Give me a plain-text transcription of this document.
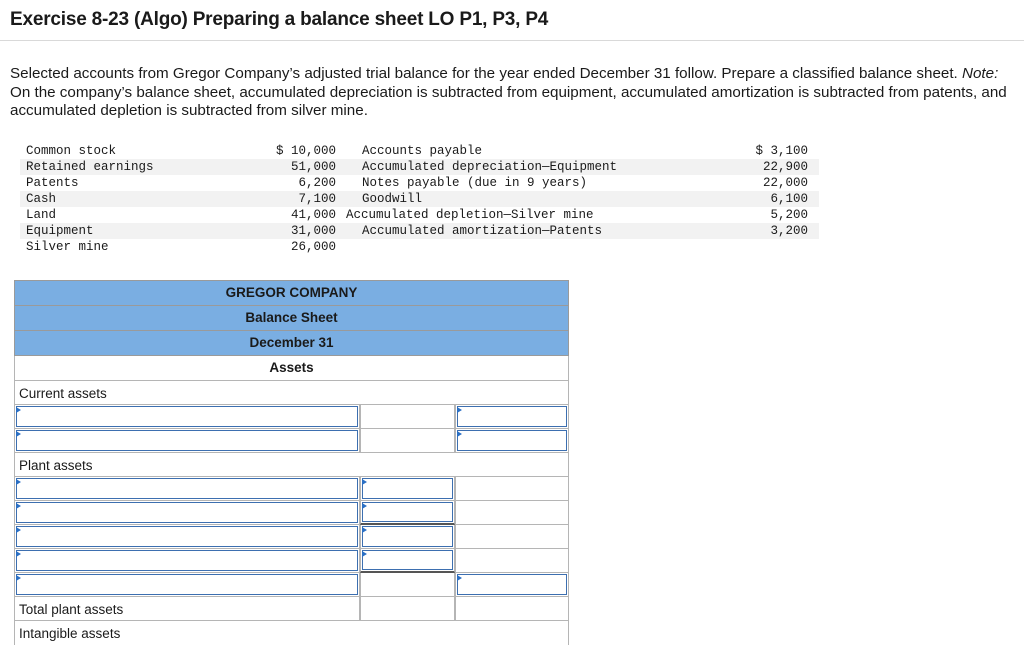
Exercise 8-23 (Algo) Preparing a balance sheet LO P1, P3, P4
Selected accounts from Gregor Company’s adjusted trial balance for the year ended December 31 follow. Prepare a classified balance sheet. Note: On the company’s balance sheet, accumulated depreciation is subtracted from equipment, accumulated amortization is subtracted from patents, and accumulated depletion is subtracted from silver mine.
Common stock	$ 10,000 Accounts payable	$ 3,100
Retained earnings	51,000 Accumulated depreciation—Equipment	22,900
Patents	6,200 Notes payable (due in 9 years)	22,000
Cash	7,100 Goodwill	6,100
Land	41,000 Accumulated depletion—Silver mine	5,200
Equipment	31,000 Accumulated amortization—Patents	3,200
Silver mine	26,000
GREGOR COMPANY
Balance Sheet
December 31
Assets
Current assets
Plant assets
Total plant assets
Intangible assets
